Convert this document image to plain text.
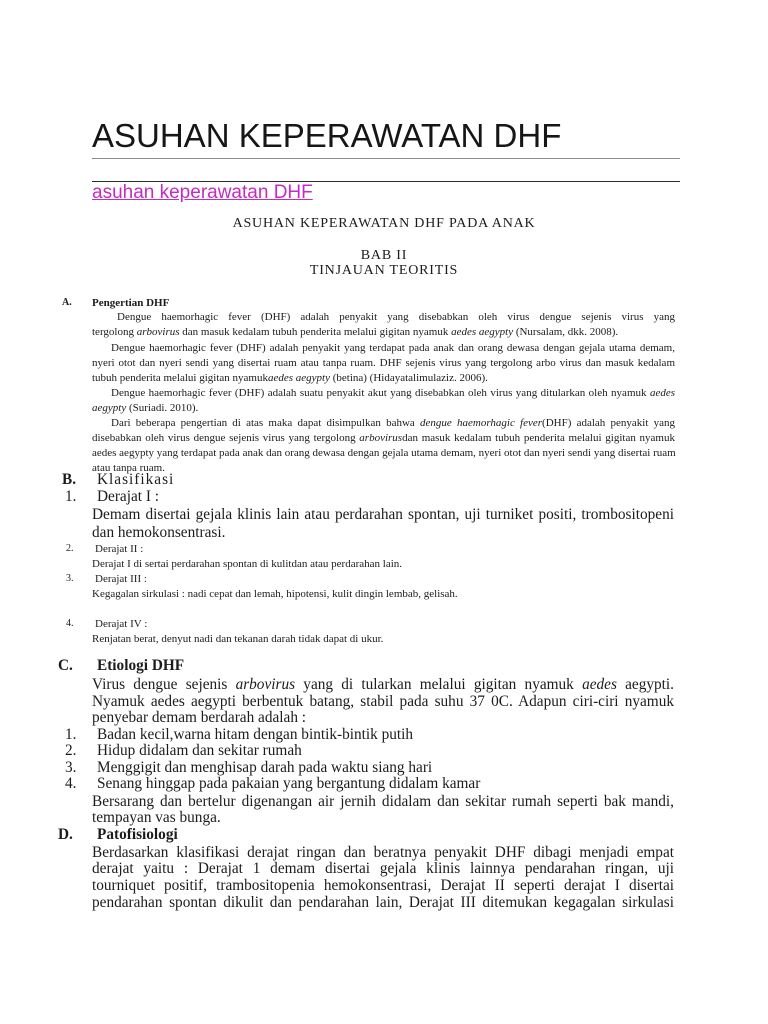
ASUHAN KEPERAWATAN DHF
asuhan keperawatan DHF
ASUHAN KEPERAWATAN DHF PADA ANAK
BAB II
TINJAUAN TEORITIS
A. Pengertian DHF
Dengue haemorhagic fever (DHF) adalah penyakit yang disebabkan oleh virus dengue sejenis virus yang
tergolong arbovirus dan masuk kedalam tubuh penderita melalui gigitan nyamuk aedes aegypty (Nursalam, dkk. 2008).
Dengue haemorhagic fever (DHF) adalah penyakit yang terdapat pada anak dan orang dewasa dengan gejala utama demam,
nyeri otot dan nyeri sendi yang disertai ruam atau tanpa ruam. DHF sejenis virus yang tergolong arbo virus dan masuk kedalam
tubuh penderita melalui gigitan nyamukaedes aegypty (betina) (Hidayatalimulaziz. 2006).
Dengue haemorhagic fever (DHF) adalah suatu penyakit akut yang disebabkan oleh virus yang ditularkan oleh nyamuk aedes
aegypty (Suriadi. 2010).
Dari beberapa pengertian di atas maka dapat disimpulkan bahwa dengue haemorhagic fever(DHF) adalah penyakit yang
disebabkan oleh virus dengue sejenis virus yang tergolong arbovirusdan masuk kedalam tubuh penderita melalui gigitan nyamuk
aedes aegypty yang terdapat pada anak dan orang dewasa dengan gejala utama demam, nyeri otot dan nyeri sendi yang disertai ruam
atau tanpa ruam.
B. Klasifikasi
1. Derajat I :
Demam disertai gejala klinis lain atau perdarahan spontan, uji turniket positi, trombositopeni
dan hemokonsentrasi.
2. Derajat II :
Derajat I di sertai perdarahan spontan di kulitdan atau perdarahan lain.
3. Derajat III :
Kegagalan sirkulasi : nadi cepat dan lemah, hipotensi, kulit dingin lembab, gelisah.
4. Derajat IV :
Renjatan berat, denyut nadi dan tekanan darah tidak dapat di ukur.
C. Etiologi DHF
Virus dengue sejenis arbovirus yang di tularkan melalui gigitan nyamuk aedes aegypti.
Nyamuk aedes aegypti berbentuk batang, stabil pada suhu 37 0C. Adapun ciri-ciri nyamuk
penyebar demam berdarah adalah :
1. Badan kecil,warna hitam dengan bintik-bintik putih
2. Hidup didalam dan sekitar rumah
3. Menggigit dan menghisap darah pada waktu siang hari
4. Senang hinggap pada pakaian yang bergantung didalam kamar
Bersarang dan bertelur digenangan air jernih didalam dan sekitar rumah seperti bak mandi,
tempayan vas bunga.
D. Patofisiologi
Berdasarkan klasifikasi derajat ringan dan beratnya penyakit DHF dibagi menjadi empat
derajat yaitu : Derajat 1 demam disertai gejala klinis lainnya pendarahan ringan, uji
tourniquet positif, trambositopenia hemokonsentrasi, Derajat II seperti derajat I disertai
pendarahan spontan dikulit dan pendarahan lain, Derajat III ditemukan kegagalan sirkulasi
